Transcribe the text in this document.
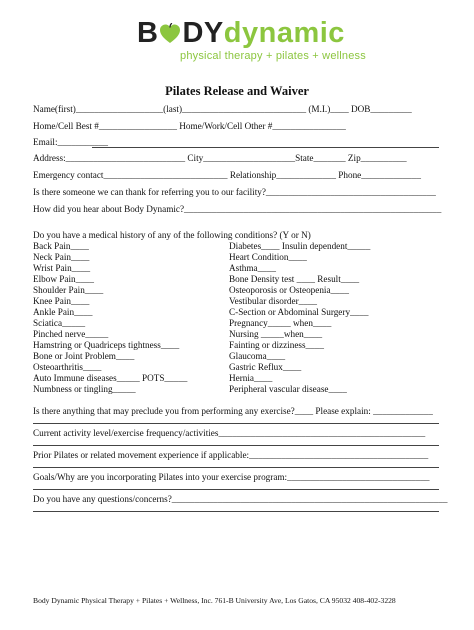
B DYdynamic
physical therapy + pilates + wellness
Pilates Release and Waiver
Name(first)___________________(last)___________________________ (M.I.)____ DOB_________
Home/Cell Best #_________________ Home/Work/Cell Other #________________
Email:___________
Address:__________________________ City____________________State_______ Zip__________
Emergency contact___________________________ Relationship_____________ Phone_____________
Is there someone we can thank for referring you to our facility?_____________________________________
How did you hear about Body Dynamic?________________________________________________________
Do you have a medical history of any of the following conditions? (Y or N)
Back Pain____
Neck Pain____
Wrist Pain____
Elbow Pain____
Shoulder Pain____
Knee Pain____
Ankle Pain____
Sciatica_____
Pinched nerve_____
Hamstring or Quadriceps tightness____
Bone or Joint Problem____
Osteoarthritis____
Auto Immune diseases_____ POTS_____
Numbness or tingling_____
Diabetes____ Insulin dependent_____
Heart Condition____
Asthma____
Bone Density test ____ Result____
Osteoporosis or Osteopenia____
Vestibular disorder____
C-Section or Abdominal Surgery____
Pregnancy_____ when____
Nursing _____when____
Fainting or dizziness____
Glaucoma____
Gastric Reflux____
Hernia____
Peripheral vascular disease____
Is there anything that may preclude you from performing any exercise?____ Please explain: _____________
Current activity level/exercise frequency/activities_____________________________________________
Prior Pilates or related movement experience if applicable:_______________________________________
Goals/Why are you incorporating Pilates into your exercise program:_______________________________
Do you have any questions/concerns?____________________________________________________________
Body Dynamic Physical Therapy + Pilates + Wellness, Inc. 761-B University Ave, Los Gatos, CA 95032 408-402-3228
